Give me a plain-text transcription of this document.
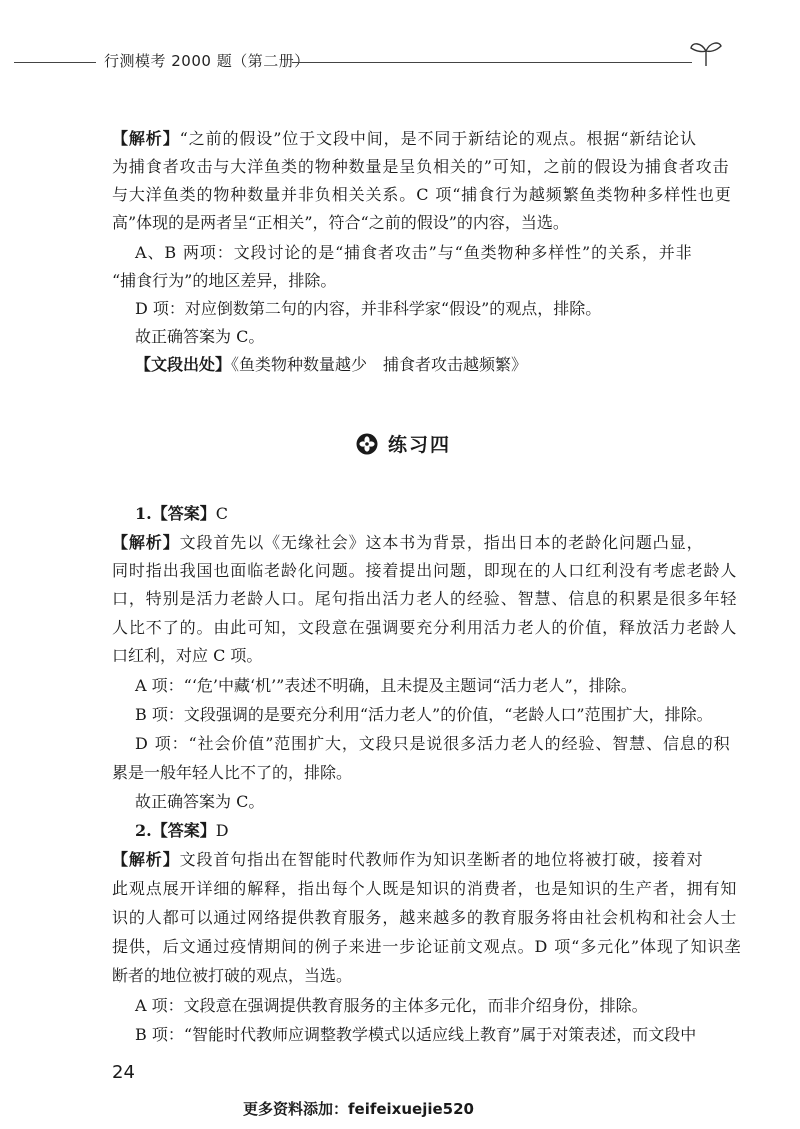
行测模考 2000 题（第二册）
【解析】“之前的假设”位于文段中间，是不同于新结论的观点。根据“新结论认
为捕食者攻击与大洋鱼类的物种数量是呈负相关的”可知，之前的假设为捕食者攻击
与大洋鱼类的物种数量并非负相关关系。C 项“捕食行为越频繁鱼类物种多样性也更
高”体现的是两者呈“正相关”，符合“之前的假设”的内容，当选。
A、B 两项：文段讨论的是“捕食者攻击”与“鱼类物种多样性”的关系，并非
“捕食行为”的地区差异，排除。
D 项：对应倒数第二句的内容，并非科学家“假设”的观点，排除。
故正确答案为 C。
【文段出处】《鱼类物种数量越少　捕食者攻击越频繁》
练习四
1.【答案】C
【解析】文段首先以《无缘社会》这本书为背景，指出日本的老龄化问题凸显，
同时指出我国也面临老龄化问题。接着提出问题，即现在的人口红利没有考虑老龄人
口，特别是活力老龄人口。尾句指出活力老人的经验、智慧、信息的积累是很多年轻
人比不了的。由此可知，文段意在强调要充分利用活力老人的价值，释放活力老龄人
口红利，对应 C 项。
A 项：“‘危’中藏‘机’”表述不明确，且未提及主题词“活力老人”，排除。
B 项：文段强调的是要充分利用“活力老人”的价值，“老龄人口”范围扩大，排除。
D 项：“社会价值”范围扩大，文段只是说很多活力老人的经验、智慧、信息的积
累是一般年轻人比不了的，排除。
故正确答案为 C。
2.【答案】D
【解析】文段首句指出在智能时代教师作为知识垄断者的地位将被打破，接着对
此观点展开详细的解释，指出每个人既是知识的消费者，也是知识的生产者，拥有知
识的人都可以通过网络提供教育服务，越来越多的教育服务将由社会机构和社会人士
提供，后文通过疫情期间的例子来进一步论证前文观点。D 项“多元化”体现了知识垄
断者的地位被打破的观点，当选。
A 项：文段意在强调提供教育服务的主体多元化，而非介绍身份，排除。
B 项：“智能时代教师应调整教学模式以适应线上教育”属于对策表述，而文段中
24
更多资料添加：feifeixuejie520
